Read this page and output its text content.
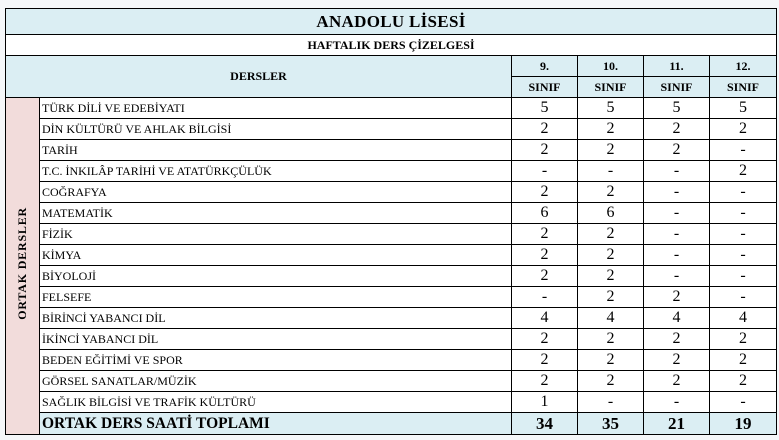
ANADOLU LİSESİ					
HAFTALIK DERS ÇİZELGESİ					
DERSLER		9.	10.	11.	12.
		SINIF	SINIF	SINIF	SINIF
ORTAK DERSLER	TÜRK DİLİ VE EDEBİYATI	5	5	5	5
	DİN KÜLTÜRÜ VE AHLAK BİLGİSİ	2	2	2	2
	TARİH	2	2	2	-
	T.C. İNKILÂP TARİHİ VE ATATÜRKÇÜLÜK	-	-	-	2
	COĞRAFYA	2	2	-	-
	MATEMATİK	6	6	-	-
	FİZİK	2	2	-	-
	KİMYA	2	2	-	-
	BİYOLOJİ	2	2	-	-
	FELSEFE	-	2	2	-
	BİRİNCİ YABANCI DİL	4	4	4	4
	İKİNCİ YABANCI DİL	2	2	2	2
	BEDEN EĞİTİMİ VE SPOR	2	2	2	2
	GÖRSEL SANATLAR/MÜZİK	2	2	2	2
	SAĞLIK BİLGİSİ VE TRAFİK KÜLTÜRÜ	1	-	-	-
	ORTAK DERS SAATİ TOPLAMI	34	35	21	19
